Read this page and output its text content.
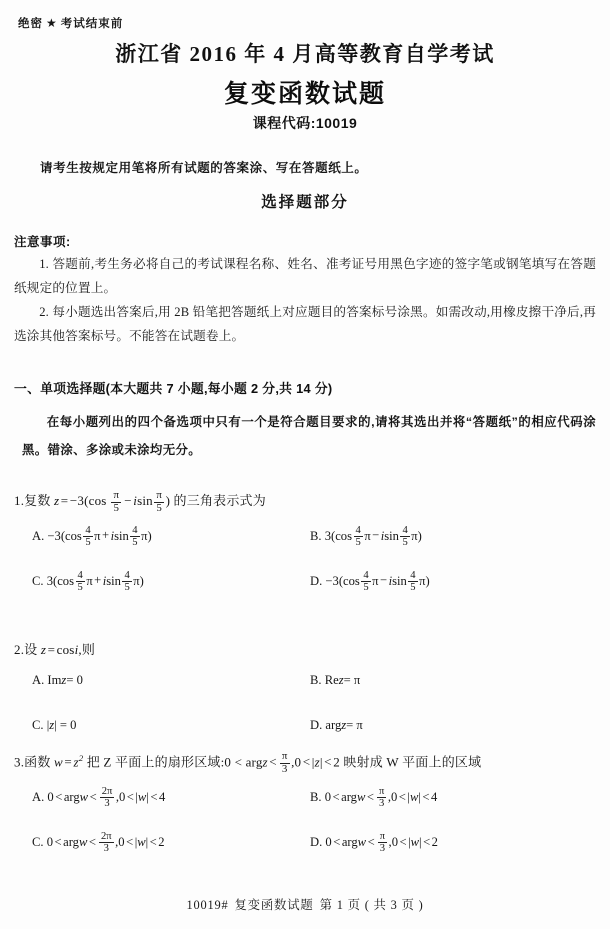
绝密 ★ 考试结束前
浙江省 2016 年 4 月高等教育自学考试
复变函数试题
课程代码:10019
请考生按规定用笔将所有试题的答案涂、写在答题纸上。
选择题部分
注意事项:

1. 答题前,考生务必将自己的考试课程名称、姓名、准考证号用黑色字迹的签字笔或钢笔填写在答题纸规定的位置上。

2. 每小题选出答案后,用 2B 铅笔把答题纸上对应题目的答案标号涂黑。如需改动,用橡皮擦干净后,再选涂其他答案标号。不能答在试题卷上。

一、单项选择题(本大题共 7 小题,每小题 2 分,共 14 分)

在每小题列出的四个备选项中只有一个是符合题目要求的,请将其选出并将“答题纸”的相应代码涂黑。错涂、多涂或未涂均无分。

1.复数 $z = -3(\cos \frac{\pi}{5} - isin \frac{\pi}{5}$ ) 的三角表示式为
A. $-3(\cos \frac{4}{5}$ π + isin $\frac{4}{5} \pi$)	B. $3(\cos \frac{4}{5}$ π − isin $\frac{4}{5} \pi$)
C. $3(\cos \frac{4}{5}$ π + isin $\frac{4}{5} \pi$)	D. $-3(\cos \frac{4}{5}$ π − isin $\frac{4}{5} \pi$)
2.设 z = cosi,则
A. Imz= 0	B. Rez= π
C. |z| = 0	D. argz= π
3.函数 $w = z^2$ 把 Z 平面上的扇形区域:0 < argz < $\frac{\pi}{3} ,0 < |z| < 2$ 映射成 W 平面上的区域
A. 0 < argw < $\frac{2\pi}{3} ,0 < |w| < 4$	B. 0 < argw < $\frac{\pi}{3} ,0 < |w| < 4$
C. 0 < argw < $\frac{2\pi}{3} ,0 < |w| < 2$	D. 0 < argw < $\frac{\pi}{3} ,0 < |w| < 2$
10019# 复变函数试题 第 1 页 ( 共 3 页 )
